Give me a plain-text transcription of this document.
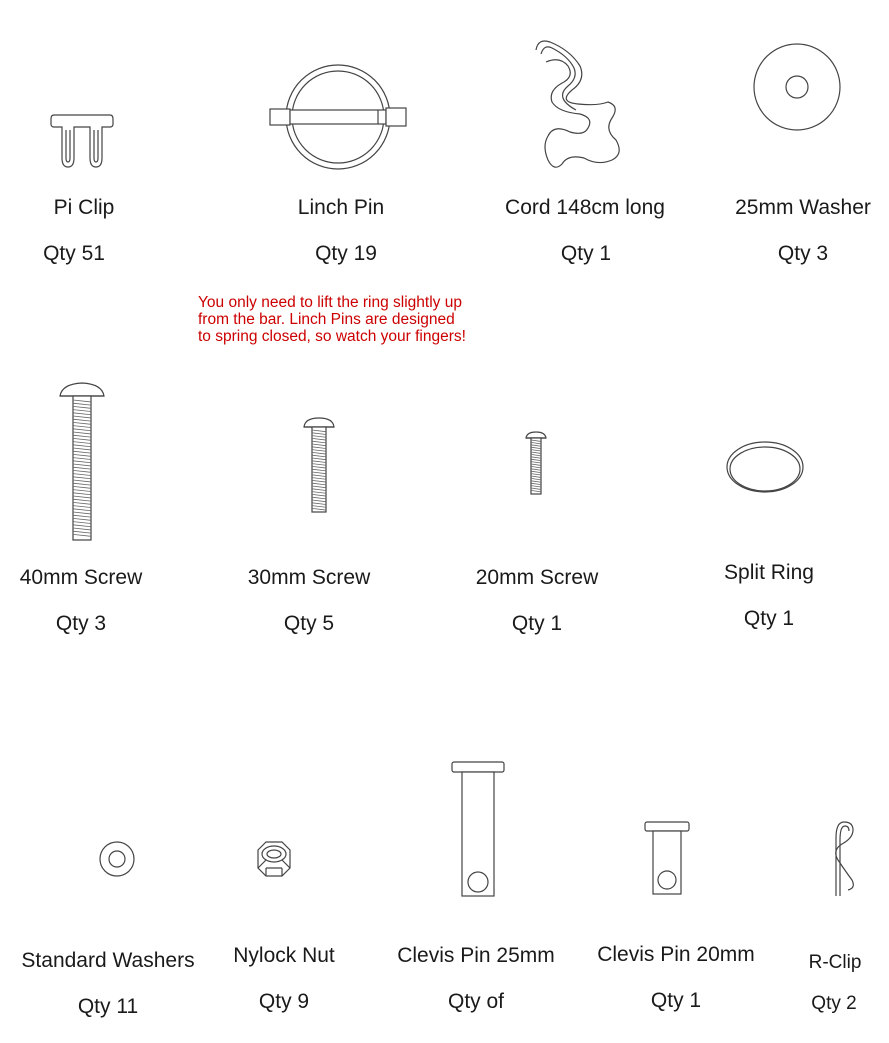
Pi Clip
Qty 51
Linch Pin
Qty 19
Cord 148cm long
Qty 1
25mm Washer
Qty 3
You only need to lift the ring slightly up
from the bar. Linch Pins are designed
to spring closed, so watch your fingers!
40mm Screw
Qty 3
30mm Screw
Qty 5
20mm Screw
Qty 1
Split Ring
Qty 1
Standard Washers
Qty 11
Nylock Nut
Qty 9
Clevis Pin 25mm
Qty of
Clevis Pin 20mm
Qty 1
R-Clip
Qty 2
